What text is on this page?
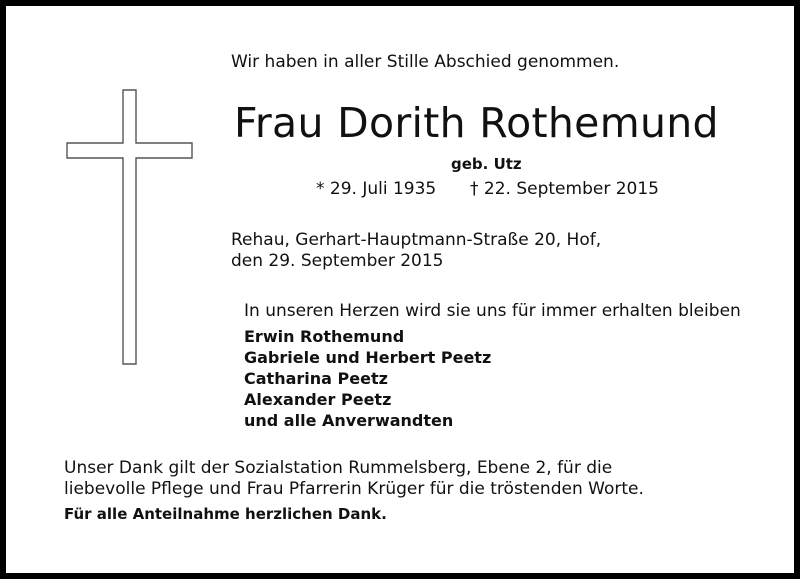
Wir haben in aller Stille Abschied genommen.
Frau Dorith Rothemund
geb. Utz
* 29. Juli 1935 † 22. September 2015
Rehau, Gerhart-Hauptmann-Straße 20, Hof,
den 29. September 2015
In unseren Herzen wird sie uns für immer erhalten bleiben
Erwin Rothemund
Gabriele und Herbert Peetz
Catharina Peetz
Alexander Peetz
und alle Anverwandten
Unser Dank gilt der Sozialstation Rummelsberg, Ebene 2, für die
liebevolle Pflege und Frau Pfarrerin Krüger für die tröstenden Worte.
Für alle Anteilnahme herzlichen Dank.
